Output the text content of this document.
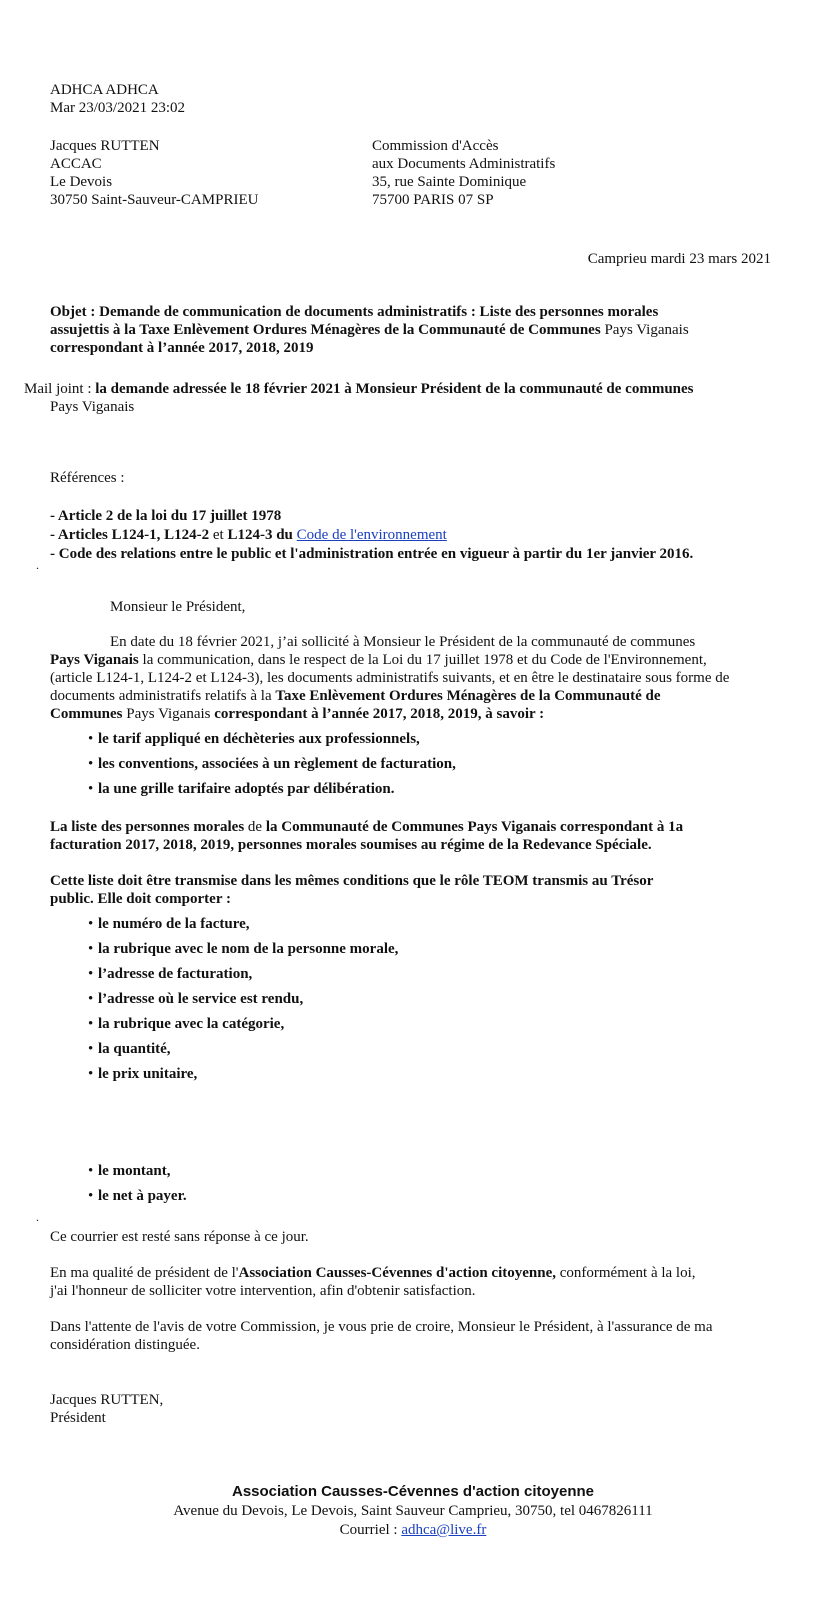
ADHCA ADHCA
Mar 23/03/2021 23:02
Jacques RUTTEN
ACCAC
Le Devois
30750 Saint-Sauveur-CAMPRIEU
Commission d'Accès
aux Documents Administratifs
35, rue Sainte Dominique
75700 PARIS 07 SP
Camprieu mardi 23 mars 2021
Objet : Demande de communication de documents administratifs : Liste des personnes morales
assujettis à la Taxe Enlèvement Ordures Ménagères de la Communauté de Communes Pays Viganais
correspondant à l’année 2017, 2018, 2019
Mail joint : la demande adressée le 18 février 2021 à Monsieur Président de la communauté de communes
Pays Viganais
Références :
- Article 2 de la loi du 17 juillet 1978
- Articles L124-1, L124-2 et L124-3 du Code de l'environnement
- Code des relations entre le public et l'administration entrée en vigueur à partir du 1er janvier 2016.
.
Monsieur le Président,
En date du 18 février 2021, j’ai sollicité à Monsieur le Président de la communauté de communes
Pays Viganais la communication, dans le respect de la Loi du 17 juillet 1978 et du Code de l'Environnement,
(article L124-1, L124-2 et L124-3), les documents administratifs suivants, et en être le destinataire sous forme de
documents administratifs relatifs à la Taxe Enlèvement Ordures Ménagères de la Communauté de
Communes Pays Viganais correspondant à l’année 2017, 2018, 2019, à savoir :
• le tarif appliqué en déchèteries aux professionnels,
• les conventions, associées à un règlement de facturation,
• la une grille tarifaire adoptés par délibération.
La liste des personnes morales de la Communauté de Communes Pays Viganais correspondant à 1a
facturation 2017, 2018, 2019, personnes morales soumises au régime de la Redevance Spéciale.
Cette liste doit être transmise dans les mêmes conditions que le rôle TEOM transmis au Trésor
public. Elle doit comporter :
• le numéro de la facture,
• la rubrique avec le nom de la personne morale,
• l’adresse de facturation,
• l’adresse où le service est rendu,
• la rubrique avec la catégorie,
• la quantité,
• le prix unitaire,
• le montant,
• le net à payer.
.
Ce courrier est resté sans réponse à ce jour.
En ma qualité de président de l'Association Causses-Cévennes d'action citoyenne, conformément à la loi,
j'ai l'honneur de solliciter votre intervention, afin d'obtenir satisfaction.
Dans l'attente de l'avis de votre Commission, je vous prie de croire, Monsieur le Président, à l'assurance de ma
considération distinguée.
Jacques RUTTEN,
Président
Association Causses-Cévennes d'action citoyenne
Avenue du Devois, Le Devois, Saint Sauveur Camprieu, 30750, tel 0467826111
Courriel : adhca@live.fr
